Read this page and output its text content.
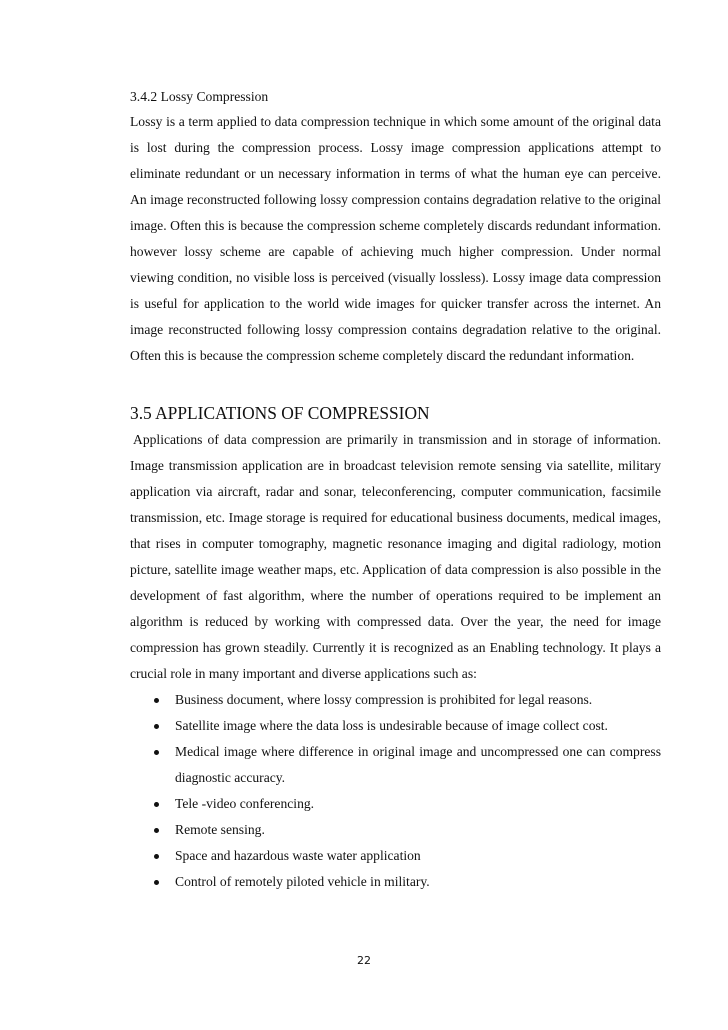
3.4.2 Lossy Compression

Lossy is a term applied to data compression technique in which some amount of the original data is lost during the compression process. Lossy image compression applications attempt to eliminate redundant or un necessary information in terms of what the human eye can perceive. An image reconstructed following lossy compression contains degradation relative to the original image. Often this is because the compression scheme completely discards redundant information. however lossy scheme are capable of achieving much higher compression. Under normal viewing condition, no visible loss is perceived (visually lossless). Lossy image data compression is useful for application to the world wide images for quicker transfer across the internet. An image reconstructed following lossy compression contains degradation relative to the original. Often this is because the compression scheme completely discard the redundant information.

3.5 APPLICATIONS OF COMPRESSION

Applications of data compression are primarily in transmission and in storage of information. Image transmission application are in broadcast television remote sensing via satellite, military application via aircraft, radar and sonar, teleconferencing, computer communication, facsimile transmission, etc. Image storage is required for educational business documents, medical images, that rises in computer tomography, magnetic resonance imaging and digital radiology, motion picture, satellite image weather maps, etc. Application of data compression is also possible in the development of fast algorithm, where the number of operations required to be implement an algorithm is reduced by working with compressed data. Over the year, the need for image compression has grown steadily. Currently it is recognized as an Enabling technology. It plays a crucial role in many important and diverse applications such as:

Business document, where lossy compression is prohibited for legal reasons.
Satellite image where the data loss is undesirable because of image collect cost.
Medical image where difference in original image and uncompressed one can compress diagnostic accuracy.
Tele -video conferencing.
Remote sensing.
Space and hazardous waste water application
Control of remotely piloted vehicle in military.
22
